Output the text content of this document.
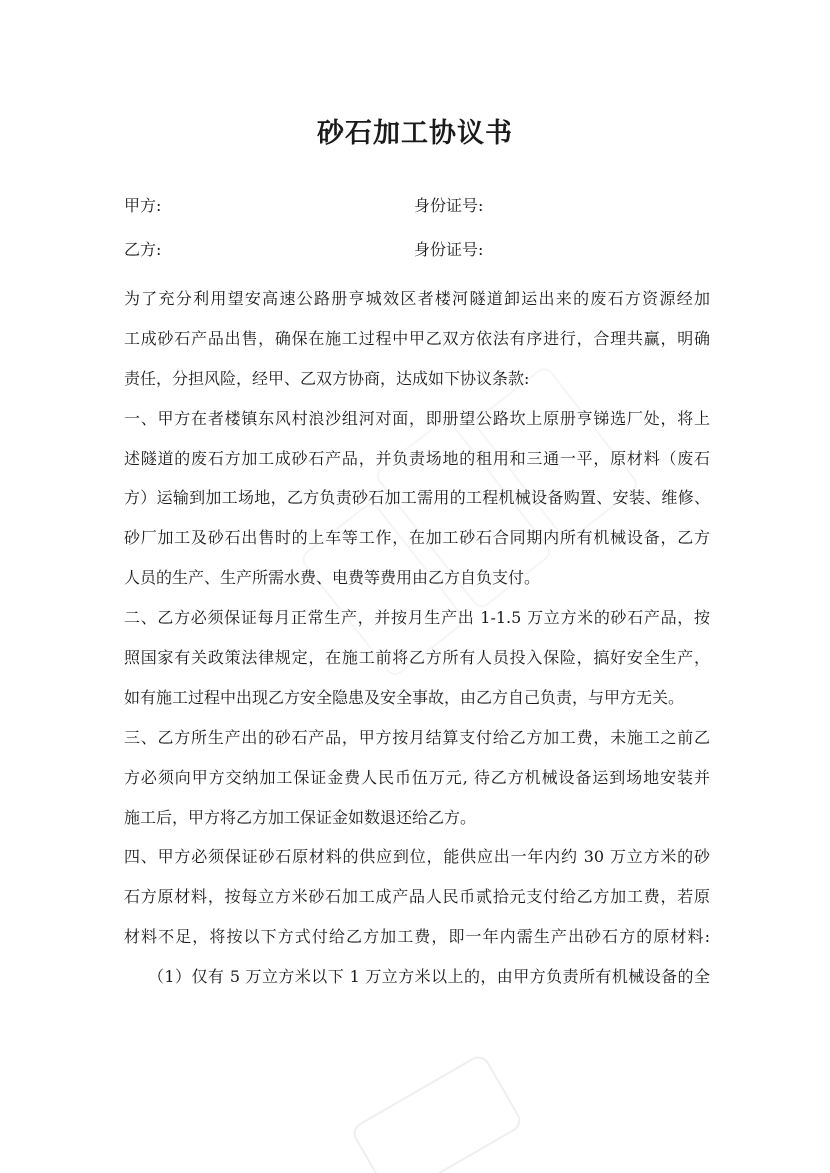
砂石加工协议书
甲方:	身份证号:
乙方:	身份证号:
为了充分利用望安高速公路册亨城效区者楼河隧道卸运出来的废石方资源经加
工成砂石产品出售，确保在施工过程中甲乙双方依法有序进行，合理共赢，明确
责任，分担风险，经甲、乙双方协商，达成如下协议条款:
一、甲方在者楼镇东风村浪沙组河对面，即册望公路坎上原册亨锑选厂处，将上
述隧道的废石方加工成砂石产品，并负责场地的租用和三通一平，原材料（废石
方）运输到加工场地，乙方负责砂石加工需用的工程机械设备购置、安装、维修、
砂厂加工及砂石出售时的上车等工作，在加工砂石合同期内所有机械设备，乙方
人员的生产、生产所需水费、电费等费用由乙方自负支付。
二、乙方必须保证每月正常生产，并按月生产出 1-1.5 万立方米的砂石产品，按
照国家有关政策法律规定，在施工前将乙方所有人员投入保险，搞好安全生产，
如有施工过程中出现乙方安全隐患及安全事故，由乙方自己负责，与甲方无关。
三、乙方所生产出的砂石产品，甲方按月结算支付给乙方加工费，未施工之前乙
方必须向甲方交纳加工保证金费人民币伍万元, 待乙方机械设备运到场地安装并
施工后，甲方将乙方加工保证金如数退还给乙方。
四、甲方必须保证砂石原材料的供应到位，能供应出一年内约 30 万立方米的砂
石方原材料，按每立方米砂石加工成产品人民币贰拾元支付给乙方加工费，若原
材料不足，将按以下方式付给乙方加工费，即一年内需生产出砂石方的原材料:
（1）仅有 5 万立方米以下 1 万立方米以上的，由甲方负责所有机械设备的全
